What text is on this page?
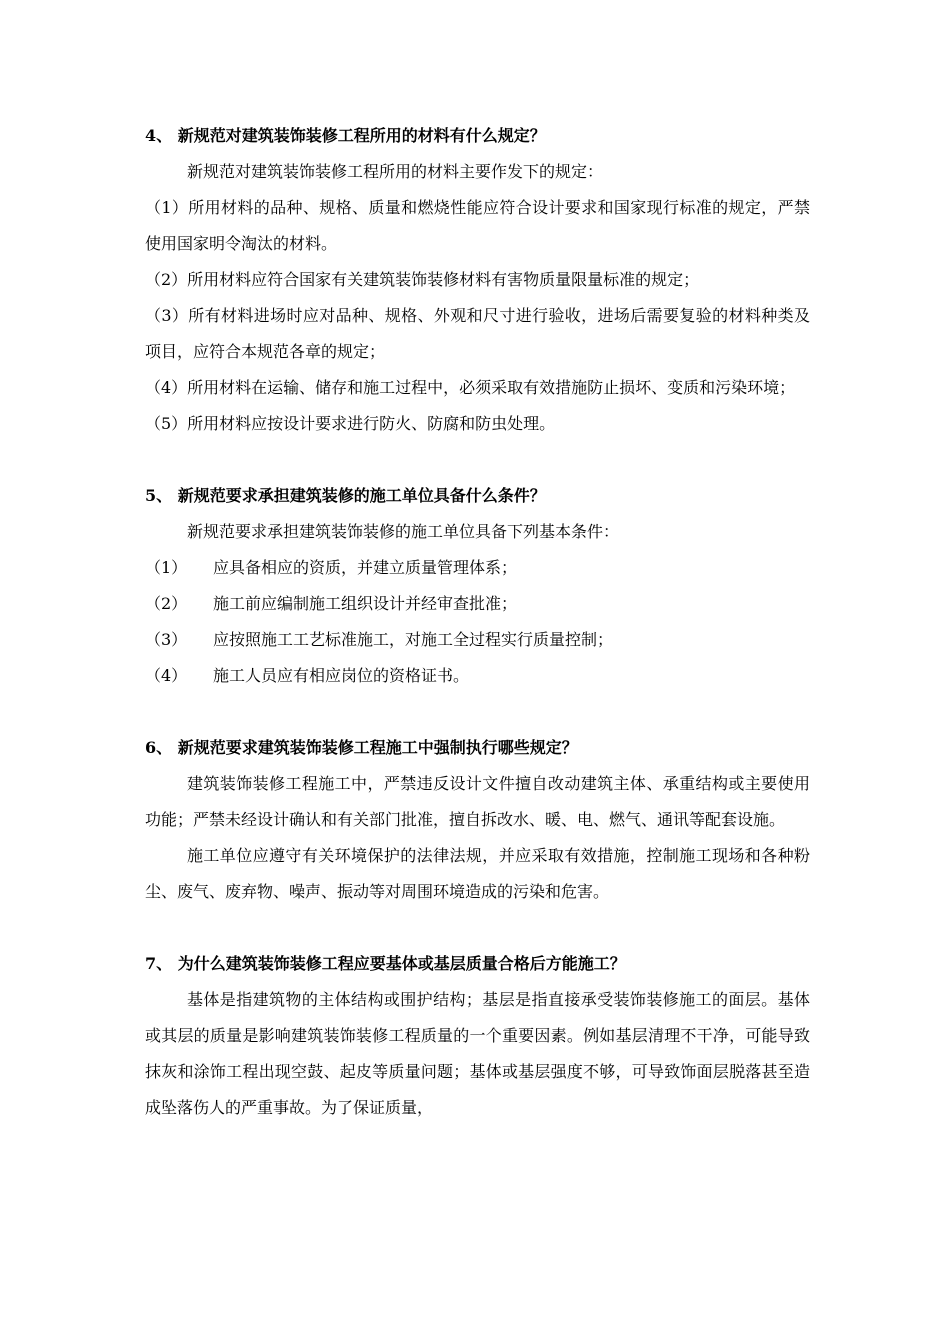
4、 新规范对建筑装饰装修工程所用的材料有什么规定？

新规范对建筑装饰装修工程所用的材料主要作发下的规定：

（1）所用材料的品种、规格、质量和燃烧性能应符合设计要求和国家现行标准的规定，严禁使用国家明令淘汰的材料。

（2）所用材料应符合国家有关建筑装饰装修材料有害物质量限量标准的规定；

（3）所有材料进场时应对品种、规格、外观和尺寸进行验收，进场后需要复验的材料种类及项目，应符合本规范各章的规定；

（4）所用材料在运输、储存和施工过程中，必须采取有效措施防止损坏、变质和污染环境；

（5）所用材料应按设计要求进行防火、防腐和防虫处理。

5、 新规范要求承担建筑装修的施工单位具备什么条件？

新规范要求承担建筑装饰装修的施工单位具备下列基本条件：

（1）	应具备相应的资质，并建立质量管理体系；
（2）	施工前应编制施工组织设计并经审查批准；
（3）	应按照施工工艺标准施工，对施工全过程实行质量控制；
（4）	施工人员应有相应岗位的资格证书。

6、 新规范要求建筑装饰装修工程施工中强制执行哪些规定？

建筑装饰装修工程施工中，严禁违反设计文件擅自改动建筑主体、承重结构或主要使用功能；严禁未经设计确认和有关部门批准，擅自拆改水、暖、电、燃气、通讯等配套设施。

施工单位应遵守有关环境保护的法律法规，并应采取有效措施，控制施工现场和各种粉尘、废气、废弃物、噪声、振动等对周围环境造成的污染和危害。

7、 为什么建筑装饰装修工程应要基体或基层质量合格后方能施工？

基体是指建筑物的主体结构或围护结构；基层是指直接承受装饰装修施工的面层。基体或其层的质量是影响建筑装饰装修工程质量的一个重要因素。例如基层清理不干净，可能导致抹灰和涂饰工程出现空鼓、起皮等质量问题；基体或基层强度不够，可导致饰面层脱落甚至造成坠落伤人的严重事故。为了保证质量，
